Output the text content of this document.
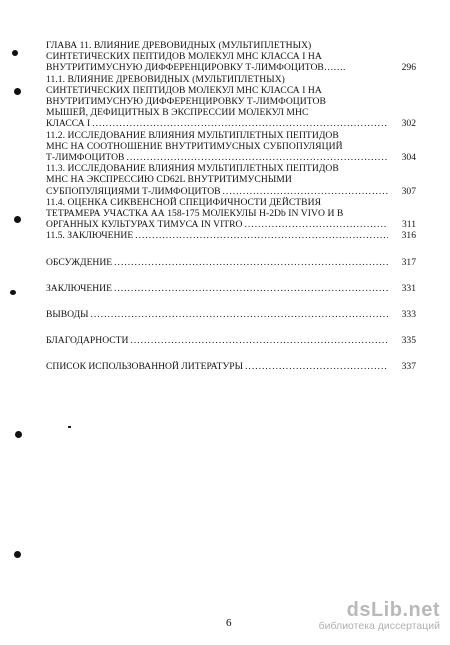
ГЛАВА 11. ВЛИЯНИЕ ДРЕВОВИДНЫХ (МУЛЬТИПЛЕТНЫХ)
СИНТЕТИЧЕСКИХ ПЕПТИДОВ МОЛЕКУЛ МНС КЛАССА I НА
ВНУТРИТИМУСНУЮ ДИФФЕРЕНЦИРОВКУ Т-ЛИМФОЦИТОВ…….	296
11.1. ВЛИЯНИЕ ДРЕВОВИДНЫХ (МУЛЬТИПЛЕТНЫХ)
СИНТЕТИЧЕСКИХ ПЕПТИДОВ МОЛЕКУЛ МНС КЛАССА I НА
ВНУТРИТИМУСНУЮ ДИФФЕРЕНЦИРОВКУ Т-ЛИМФОЦИТОВ
МЫШЕЙ, ДЕФИЦИТНЫХ В ЭКСПРЕССИИ МОЛЕКУЛ МНС
КЛАССА I .....	302
11.2. ИССЛЕДОВАНИЕ ВЛИЯНИЯ МУЛЬТИПЛЕТНЫХ ПЕПТИДОВ
МНС НА СООТНОШЕНИЕ ВНУТРИТИМУСНЫХ СУБПОПУЛЯЦИЙ
Т-ЛИМФОЦИТОВ .....	304
11.3. ИССЛЕДОВАНИЕ ВЛИЯНИЯ МУЛЬТИПЛЕТНЫХ ПЕПТИДОВ
МНС НА ЭКСПРЕССИЮ CD62L ВНУТРИТИМУСНЫМИ
СУБПОПУЛЯЦИЯМИ Т-ЛИМФОЦИТОВ .....	307
11.4. ОЦЕНКА СИКВЕНСНОЙ СПЕЦИФИЧНОСТИ ДЕЙСТВИЯ
ТЕТРАМЕРА УЧАСТКА АА 158-175 МОЛЕКУЛЫ H-2Db IN VIVO И В
ОРГАННЫХ КУЛЬТУРАХ ТИМУСА IN VITRO .....	311
11.5. ЗАКЛЮЧЕНИЕ .....	316
ОБСУЖДЕНИЕ .....	317
ЗАКЛЮЧЕНИЕ .....	331
ВЫВОДЫ .....	333
БЛАГОДАРНОСТИ .....	335
СПИСОК ИСПОЛЬЗОВАННОЙ ЛИТЕРАТУРЫ .....	337
6
dsLib.net
библиотека диссертаций
